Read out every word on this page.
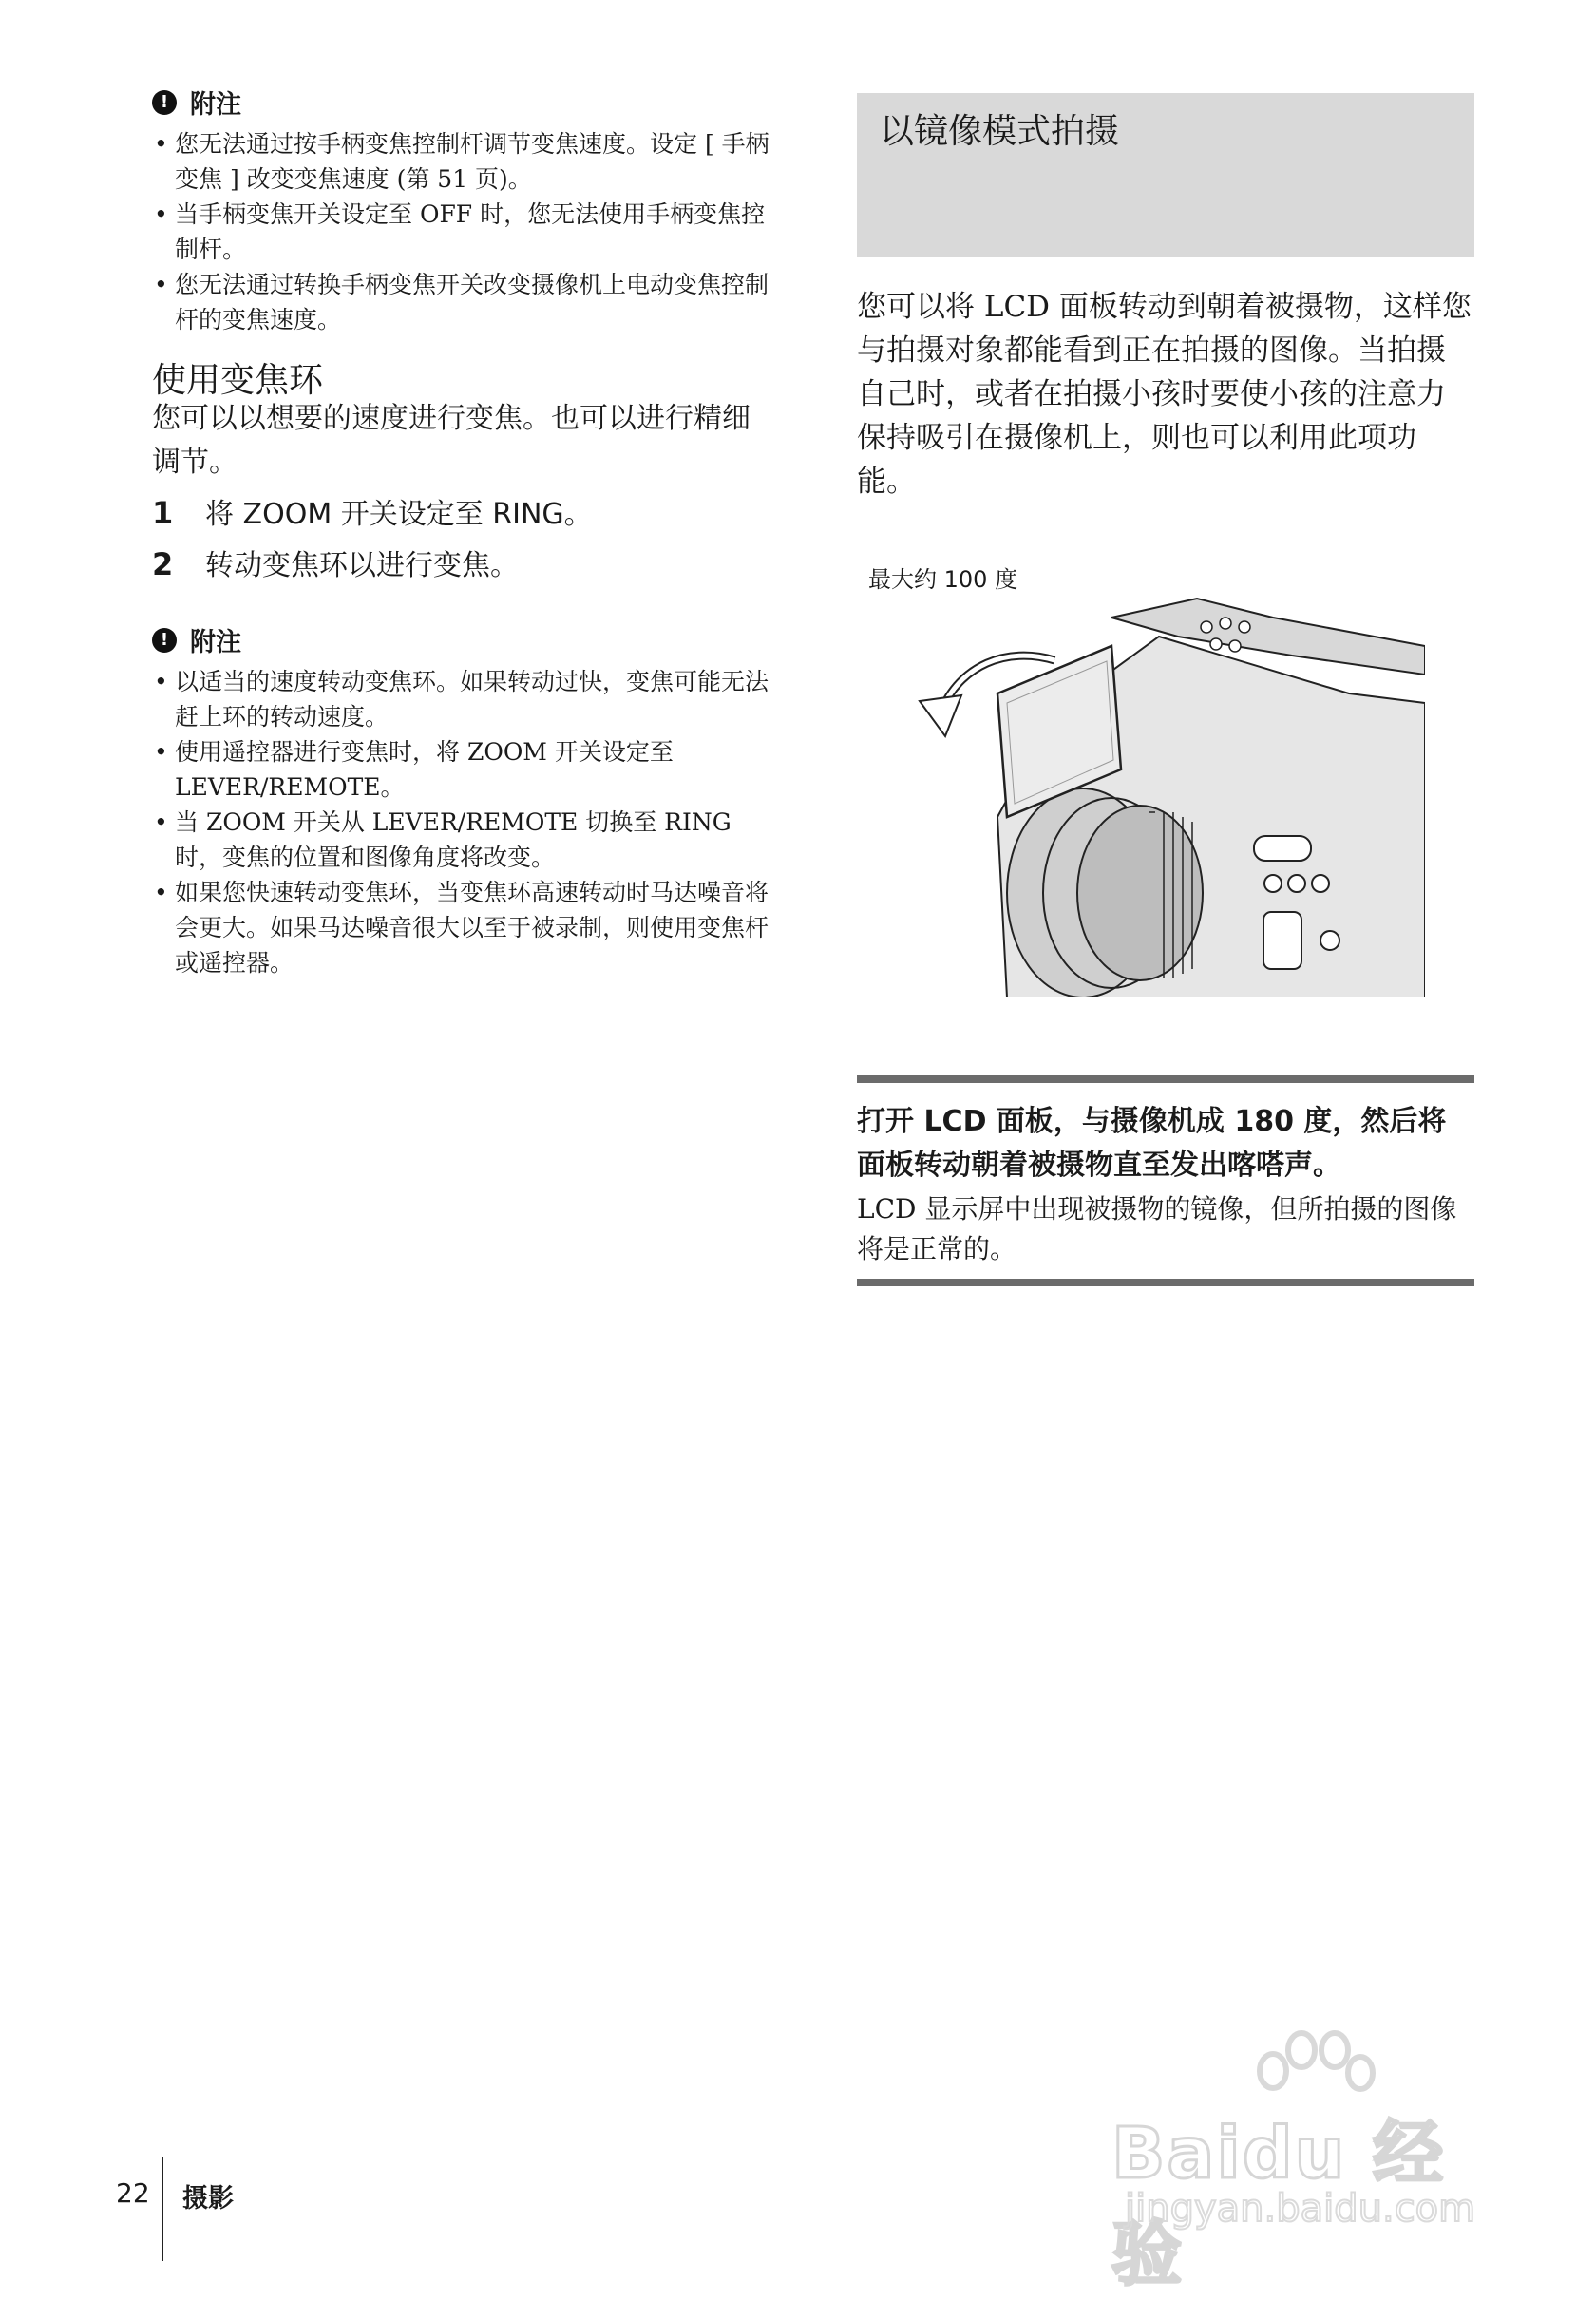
ǃ 附注
• 您无法通过按手柄变焦控制杆调节变焦速度。设定 [ 手柄变焦 ] 改变变焦速度 (第 51 页)。
• 当手柄变焦开关设定至 OFF 时，您无法使用手柄变焦控制杆。
• 您无法通过转换手柄变焦开关改变摄像机上电动变焦控制杆的变焦速度。
使用变焦环
您可以以想要的速度进行变焦。也可以进行精细调节。
1	将 ZOOM 开关设定至 RING。
2	转动变焦环以进行变焦。
ǃ 附注
• 以适当的速度转动变焦环。如果转动过快，变焦可能无法赶上环的转动速度。
• 使用遥控器进行变焦时，将 ZOOM 开关设定至 LEVER/REMOTE。
• 当 ZOOM 开关从 LEVER/REMOTE 切换至 RING 时，变焦的位置和图像角度将改变。
• 如果您快速转动变焦环，当变焦环高速转动时马达噪音将会更大。如果马达噪音很大以至于被录制，则使用变焦杆或遥控器。
以镜像模式拍摄
您可以将 LCD 面板转动到朝着被摄物，这样您与拍摄对象都能看到正在拍摄的图像。当拍摄自己时，或者在拍摄小孩时要使小孩的注意力保持吸引在摄像机上，则也可以利用此项功能。
最大约 100 度
打开 LCD 面板，与摄像机成 180 度，然后将面板转动朝着被摄物直至发出喀嗒声。
LCD 显示屏中出现被摄物的镜像，但所拍摄的图像将是正常的。
22 摄影
Baidu 经验
jingyan.baidu.com
